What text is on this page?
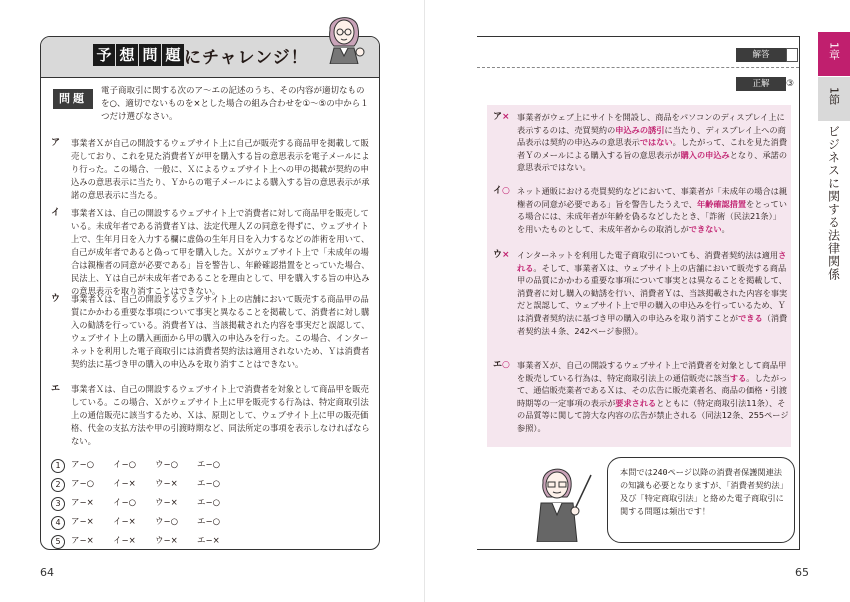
予 想 問 題 にチャレンジ！
問題
電子商取引に関する次のア〜エの記述のうち、その内容が適切なものを○、適切でないものを×とした場合の組み合わせを①〜⑤の中から１つだけ選びなさい。
ア 事業者Ｘが自己の開設するウェブサイト上に自己が販売する商品甲を掲載して販売しており、これを見た消費者Ｙが甲を購入する旨の意思表示を電子メールにより行った。この場合、一般に、Ｘによるウェブサイト上への甲の掲載が契約の申込みの意思表示に当たり、Ｙからの電子メールによる購入する旨の意思表示が承諾の意思表示に当たる。
イ 事業者Ｘは、自己の開設するウェブサイト上で消費者に対して商品甲を販売している。未成年者である消費者Ｙは、法定代理人Ｚの同意を得ずに、ウェブサイト上で、生年月日を入力する欄に虚偽の生年月日を入力するなどの詐術を用いて、自己が成年者であると偽って甲を購入した。Ｘがウェブサイト上で「未成年の場合は親権者の同意が必要である」旨を警告し、年齢確認措置をとっていた場合、民法上、Ｙは自己が未成年者であることを理由として、甲を購入する旨の申込みの意思表示を取り消すことはできない。
ウ 事業者Ｘは、自己の開設するウェブサイト上の店舗において販売する商品甲の品質にかかわる重要な事項について事実と異なることを掲載して、消費者に対し購入の勧誘を行っている。消費者Ｙは、当該掲載された内容を事実だと誤認して、ウェブサイト上の購入画面から甲の購入の申込みを行った。この場合、インターネットを利用した電子商取引には消費者契約法は適用されないため、Ｙは消費者契約法に基づき甲の購入の申込みを取り消すことはできない。
エ 事業者Ｘは、自己の開設するウェブサイト上で消費者を対象として商品甲を販売している。この場合、Ｘがウェブサイト上に甲を販売する行為は、特定商取引法上の通信販売に該当するため、Ｘは、原則として、ウェブサイト上に甲の販売価格、代金の支払方法や甲の引渡時期など、同法所定の事項を表示しなければならない。
1	ア−○ イ−○ ウ−○ エ−○
2	ア−○ イ−× ウ−× エ−○
3	ア−× イ−○ ウ−× エ−○
4	ア−× イ−× ウ−○ エ−○
5	ア−× イ−× ウ−× エ−×
64
解答
正解	③
ア× 事業者がウェブ上にサイトを開設し、商品をパソコンのディスプレイ上に表示するのは、売買契約の申込みの誘引に当たり、ディスプレイ上への商品表示は契約の申込みの意思表示ではない。したがって、これを見た消費者Ｙのメールによる購入する旨の意思表示が購入の申込みとなり、承諾の意思表示ではない。
イ○ ネット通販における売買契約などにおいて、事業者が「未成年の場合は親権者の同意が必要である」旨を警告したうえで、年齢確認措置をとっている場合には、未成年者が年齢を偽るなどしたとき、「詐術（民法21条）」を用いたものとして、未成年者からの取消しができない。
ウ× インターネットを利用した電子商取引についても、消費者契約法は適用される。そして、事業者Ｘは、ウェブサイト上の店舗において販売する商品甲の品質にかかわる重要な事項について事実とは異なることを掲載して、消費者に対し購入の勧誘を行い、消費者Ｙは、当該掲載された内容を事実だと誤認して、ウェブサイト上で甲の購入の申込みを行っているため、Ｙは消費者契約法に基づき甲の購入の申込みを取り消すことができる（消費者契約法４条、242ページ参照）。
エ○ 事業者Ｘが、自己の開設するウェブサイト上で消費者を対象として商品甲を販売している行為は、特定商取引法上の通信販売に該当する。したがって、通信販売業者であるＸは、その広告に販売業者名、商品の価格・引渡時期等の一定事項の表示が要求されるとともに（特定商取引法11条）、その品質等に関して誇大な内容の広告が禁止される（同法12条、255ページ参照）。
本問では240ページ以降の消費者保護関連法の知識も必要となりますが、「消費者契約法」及び「特定商取引法」と絡めた電子商取引に関する問題は頻出です！
65
1章
1節
ビジネスに関する法律関係
